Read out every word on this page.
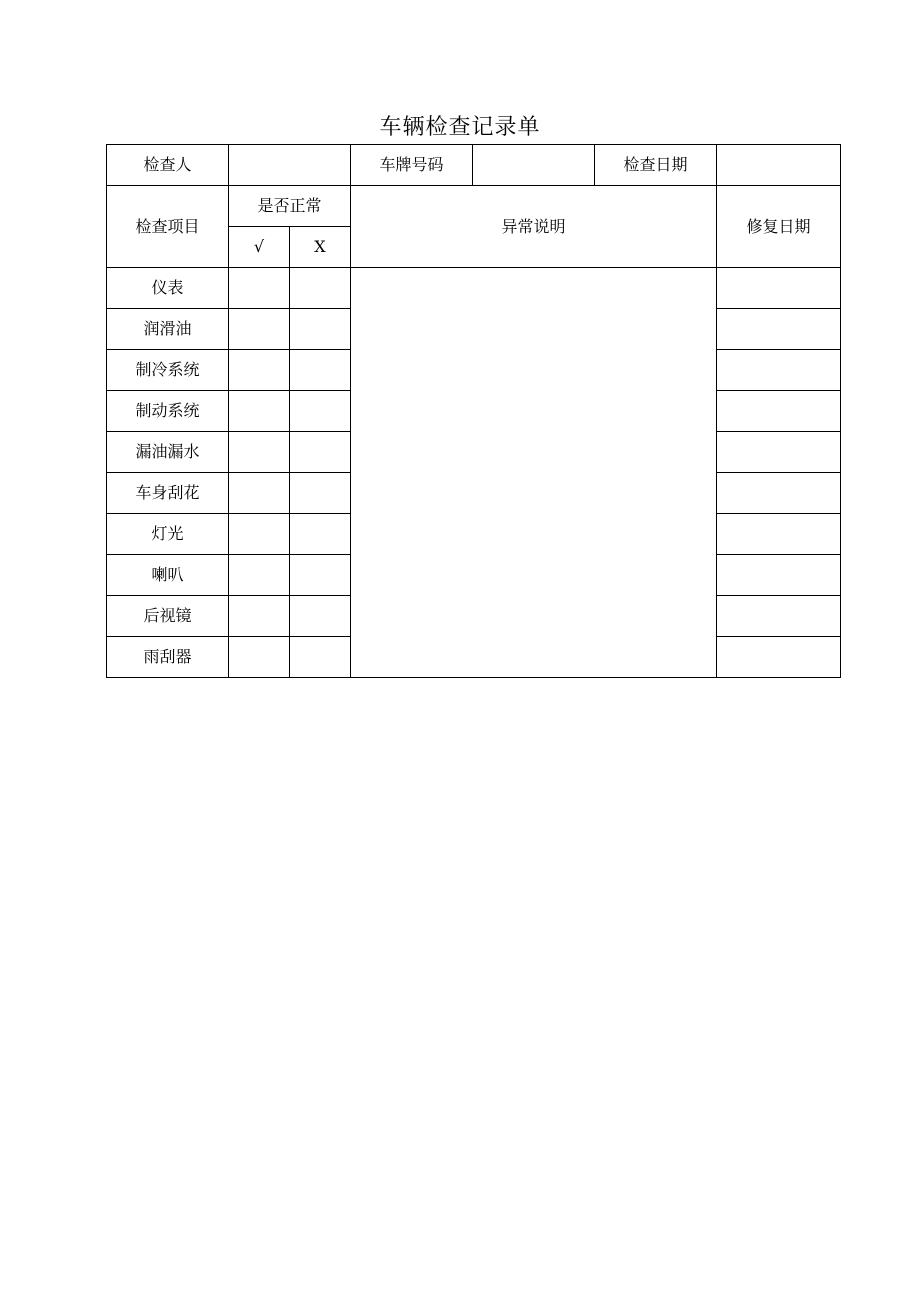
车辆检查记录单
检查人			车牌号码		检查日期	
检查项目	是否正常		异常说明			修复日期
	√	X				
仪表						
润滑油						
制冷系统						
制动系统						
漏油漏水						
车身刮花						
灯光						
喇叭						
后视镜						
雨刮器						
